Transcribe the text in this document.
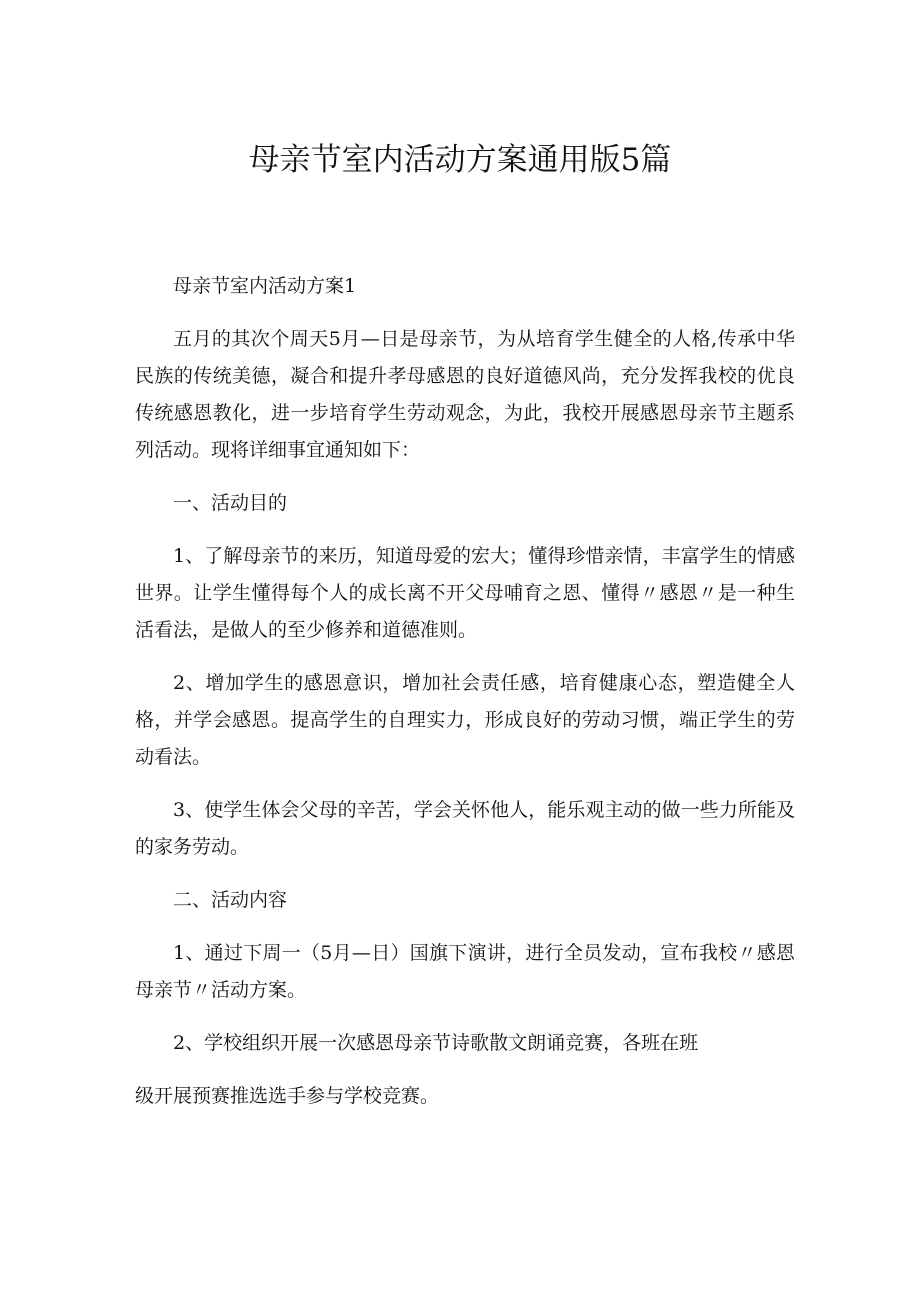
母亲节室内活动方案通用版5篇

母亲节室内活动方案1

五月的其次个周天5月—日是母亲节，为从培育学生健全的人格,传承中华民族的传统美德，凝合和提升孝母感恩的良好道德风尚，充分发挥我校的优良传统感恩教化，进一步培育学生劳动观念，为此，我校开展感恩母亲节主题系列活动。现将详细事宜通知如下：

一、活动目的

1、了解母亲节的来历，知道母爱的宏大；懂得珍惜亲情，丰富学生的情感世界。让学生懂得每个人的成长离不开父母哺育之恩、懂得〃感恩〃是一种生活看法，是做人的至少修养和道德准则。

2、增加学生的感恩意识，增加社会责任感，培育健康心态，塑造健全人格，并学会感恩。提高学生的自理实力，形成良好的劳动习惯，端正学生的劳动看法。

3、使学生体会父母的辛苦，学会关怀他人，能乐观主动的做一些力所能及的家务劳动。

二、活动内容

1、通过下周一（5月—日）国旗下演讲，进行全员发动，宣布我校〃感恩母亲节〃活动方案。

2、学校组织开展一次感恩母亲节诗歌散文朗诵竞赛，各班在班

级开展预赛推选选手参与学校竞赛。
